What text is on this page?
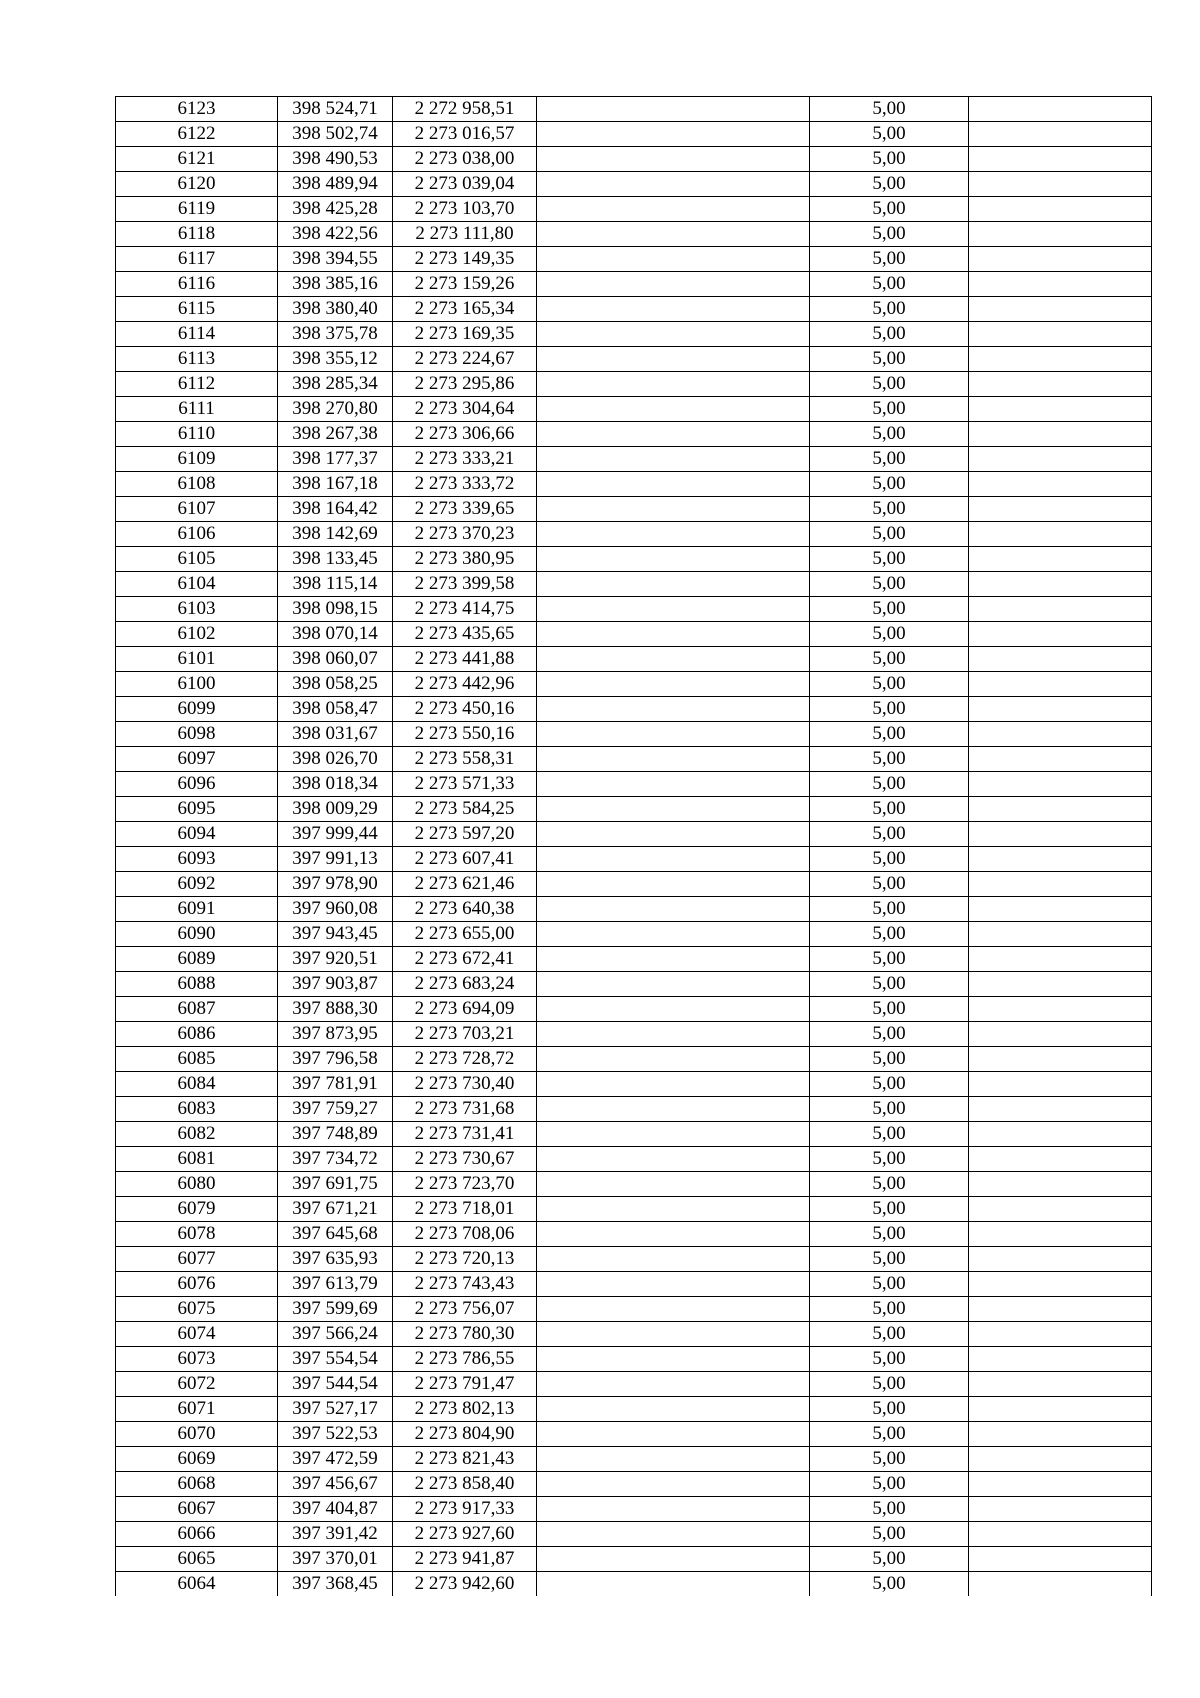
6123	398 524,71	2 272 958,51		5,00	
6122	398 502,74	2 273 016,57		5,00	
6121	398 490,53	2 273 038,00		5,00	
6120	398 489,94	2 273 039,04		5,00	
6119	398 425,28	2 273 103,70		5,00	
6118	398 422,56	2 273 111,80		5,00	
6117	398 394,55	2 273 149,35		5,00	
6116	398 385,16	2 273 159,26		5,00	
6115	398 380,40	2 273 165,34		5,00	
6114	398 375,78	2 273 169,35		5,00	
6113	398 355,12	2 273 224,67		5,00	
6112	398 285,34	2 273 295,86		5,00	
6111	398 270,80	2 273 304,64		5,00	
6110	398 267,38	2 273 306,66		5,00	
6109	398 177,37	2 273 333,21		5,00	
6108	398 167,18	2 273 333,72		5,00	
6107	398 164,42	2 273 339,65		5,00	
6106	398 142,69	2 273 370,23		5,00	
6105	398 133,45	2 273 380,95		5,00	
6104	398 115,14	2 273 399,58		5,00	
6103	398 098,15	2 273 414,75		5,00	
6102	398 070,14	2 273 435,65		5,00	
6101	398 060,07	2 273 441,88		5,00	
6100	398 058,25	2 273 442,96		5,00	
6099	398 058,47	2 273 450,16		5,00	
6098	398 031,67	2 273 550,16		5,00	
6097	398 026,70	2 273 558,31		5,00	
6096	398 018,34	2 273 571,33		5,00	
6095	398 009,29	2 273 584,25		5,00	
6094	397 999,44	2 273 597,20		5,00	
6093	397 991,13	2 273 607,41		5,00	
6092	397 978,90	2 273 621,46		5,00	
6091	397 960,08	2 273 640,38		5,00	
6090	397 943,45	2 273 655,00		5,00	
6089	397 920,51	2 273 672,41		5,00	
6088	397 903,87	2 273 683,24		5,00	
6087	397 888,30	2 273 694,09		5,00	
6086	397 873,95	2 273 703,21		5,00	
6085	397 796,58	2 273 728,72		5,00	
6084	397 781,91	2 273 730,40		5,00	
6083	397 759,27	2 273 731,68		5,00	
6082	397 748,89	2 273 731,41		5,00	
6081	397 734,72	2 273 730,67		5,00	
6080	397 691,75	2 273 723,70		5,00	
6079	397 671,21	2 273 718,01		5,00	
6078	397 645,68	2 273 708,06		5,00	
6077	397 635,93	2 273 720,13		5,00	
6076	397 613,79	2 273 743,43		5,00	
6075	397 599,69	2 273 756,07		5,00	
6074	397 566,24	2 273 780,30		5,00	
6073	397 554,54	2 273 786,55		5,00	
6072	397 544,54	2 273 791,47		5,00	
6071	397 527,17	2 273 802,13		5,00	
6070	397 522,53	2 273 804,90		5,00	
6069	397 472,59	2 273 821,43		5,00	
6068	397 456,67	2 273 858,40		5,00	
6067	397 404,87	2 273 917,33		5,00	
6066	397 391,42	2 273 927,60		5,00	
6065	397 370,01	2 273 941,87		5,00	
6064	397 368,45	2 273 942,60		5,00	
